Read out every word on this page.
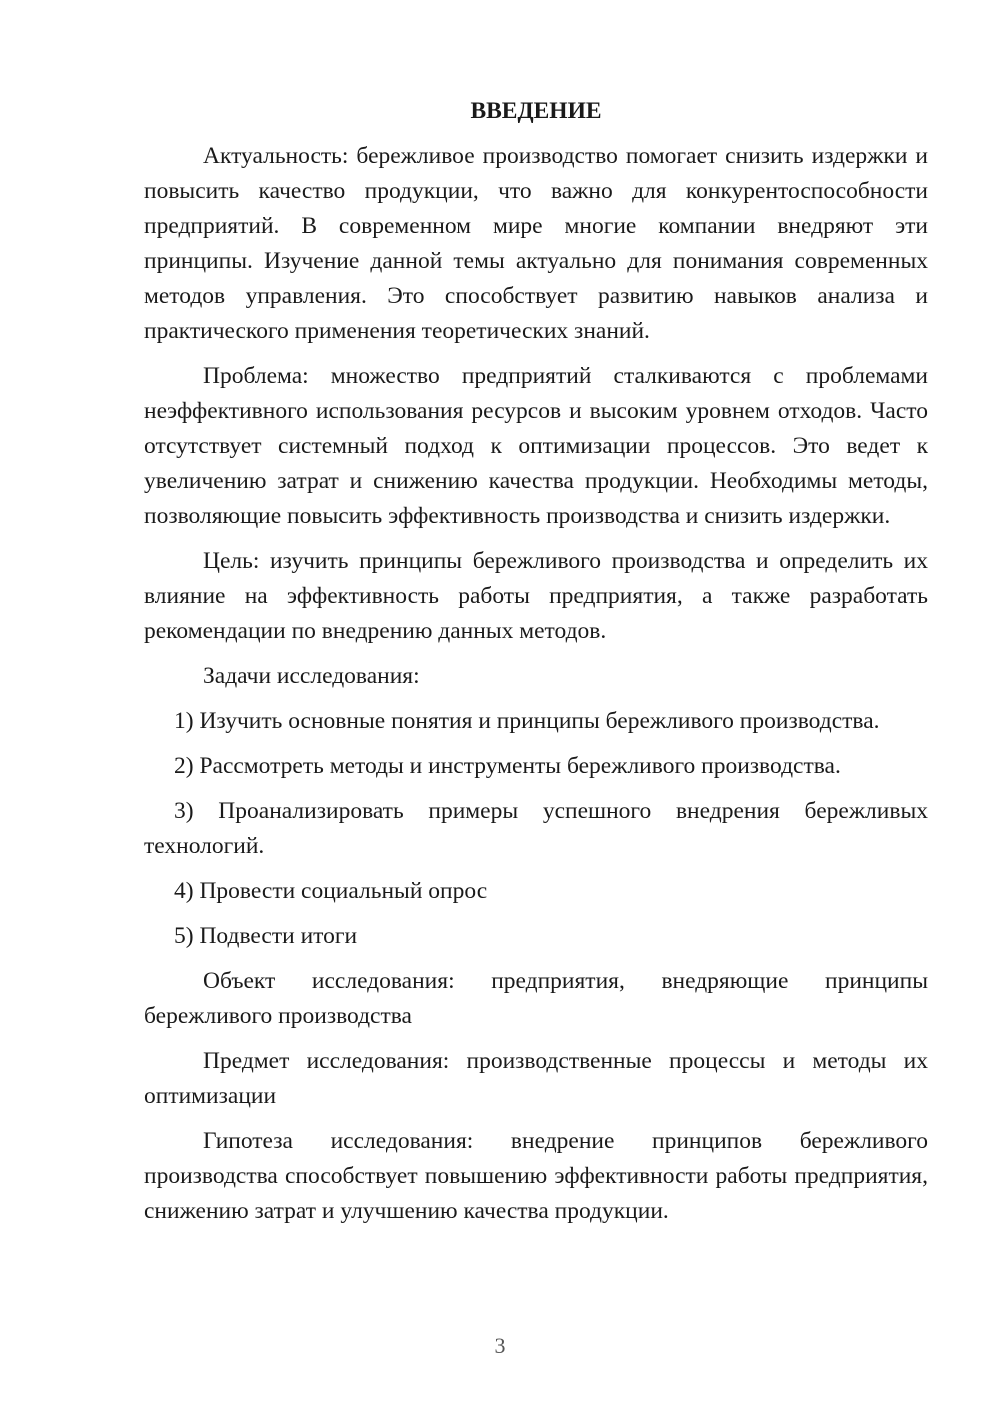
ВВЕДЕНИЕ

Актуальность: бережливое производство помогает снизить издержки и повысить качество продукции, что важно для конкурентоспособности предприятий. В современном мире многие компании внедряют эти принципы. Изучение данной темы актуально для понимания современных методов управления. Это способствует развитию навыков анализа и практического применения теоретических знаний.

Проблема: множество предприятий сталкиваются с проблемами неэффективного использования ресурсов и высоким уровнем отходов. Часто отсутствует системный подход к оптимизации процессов. Это ведет к увеличению затрат и снижению качества продукции. Необходимы методы, позволяющие повысить эффективность производства и снизить издержки.

Цель: изучить принципы бережливого производства и определить их влияние на эффективность работы предприятия, а также разработать рекомендации по внедрению данных методов.

Задачи исследования:

1) Изучить основные понятия и принципы бережливого производства.

2) Рассмотреть методы и инструменты бережливого производства.

3) Проанализировать примеры успешного внедрения бережливых технологий.

4) Провести социальный опрос

5) Подвести итоги

Объект исследования: предприятия, внедряющие принципы бережливого производства

Предмет исследования: производственные процессы и методы их оптимизации

Гипотеза исследования: внедрение принципов бережливого производства способствует повышению эффективности работы предприятия, снижению затрат и улучшению качества продукции.

3
